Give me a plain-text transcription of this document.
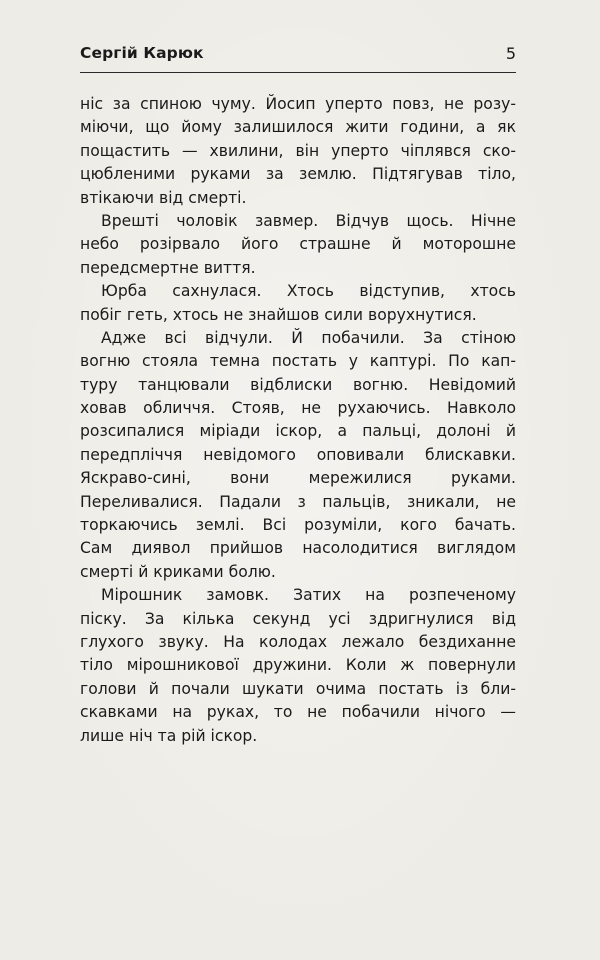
Сергій Карюк	5
ніс за спиною чуму. Йосип уперто повз, не розу-
міючи, що йому залишилося жити години, а як
пощастить — хвилини, він уперто чіплявся ско-
цюбленими руками за землю. Підтягував тіло,
втікаючи від смерті.
Врешті чоловік завмер. Відчув щось. Нічне
небо розірвало його страшне й моторошне
передсмертне виття.
Юрба сахнулася. Хтось відступив, хтось
побіг геть, хтось не знайшов сили ворухнутися.
Адже всі відчули. Й побачили. За стіною
вогню стояла темна постать у каптурі. По кап-
туру танцювали відблиски вогню. Невідомий
ховав обличчя. Стояв, не рухаючись. Навколо
розсипалися міріади іскор, а пальці, долоні й
передпліччя невідомого оповивали блискавки.
Яскраво-сині, вони мережилися руками.
Переливалися. Падали з пальців, зникали, не
торкаючись землі. Всі розуміли, кого бачать.
Сам диявол прийшов насолодитися виглядом
смерті й криками болю.
Мірошник замовк. Затих на розпеченому
піску. За кілька секунд усі здригнулися від
глухого звуку. На колодах лежало бездиханне
тіло мірошникової дружини. Коли ж повернули
голови й почали шукати очима постать із бли-
скавками на руках, то не побачили нічого —
лише ніч та рій іскор.
